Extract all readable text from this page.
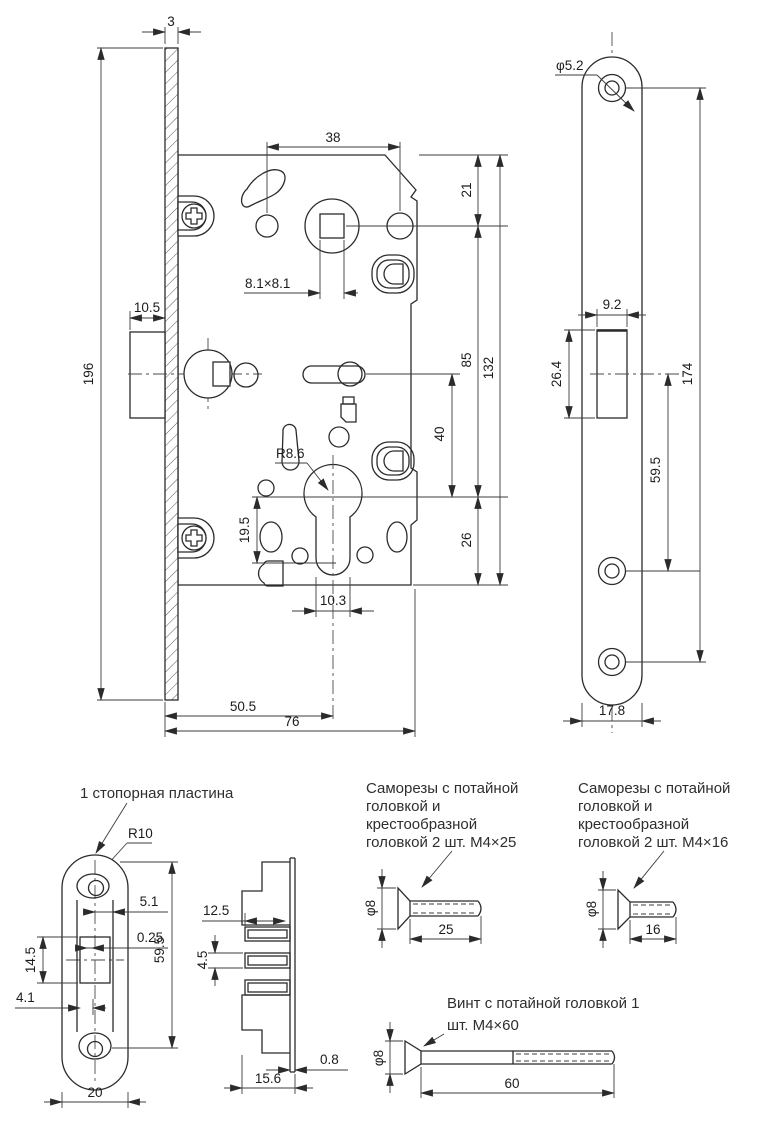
3
196
10.5
38
8.1×8.1
R8.6
19.5
10.3
50.5
76
21
85
26
132
40
φ5.2
9.2
26.4
59.5
174
17.8
1 стопорная пластина
R10
5.1
0.25
14.5
4.1
59.5
20
12.5
4.5
0.8
15.6
Саморезы с потайной
головкой и
крестообразной
головкой 2 шт. M4×25
φ8
25
Саморезы с потайной
головкой и
крестообразной
головкой 2 шт. M4×16
φ8
16
Винт с потайной головкой 1
шт. M4×60
φ8
60
